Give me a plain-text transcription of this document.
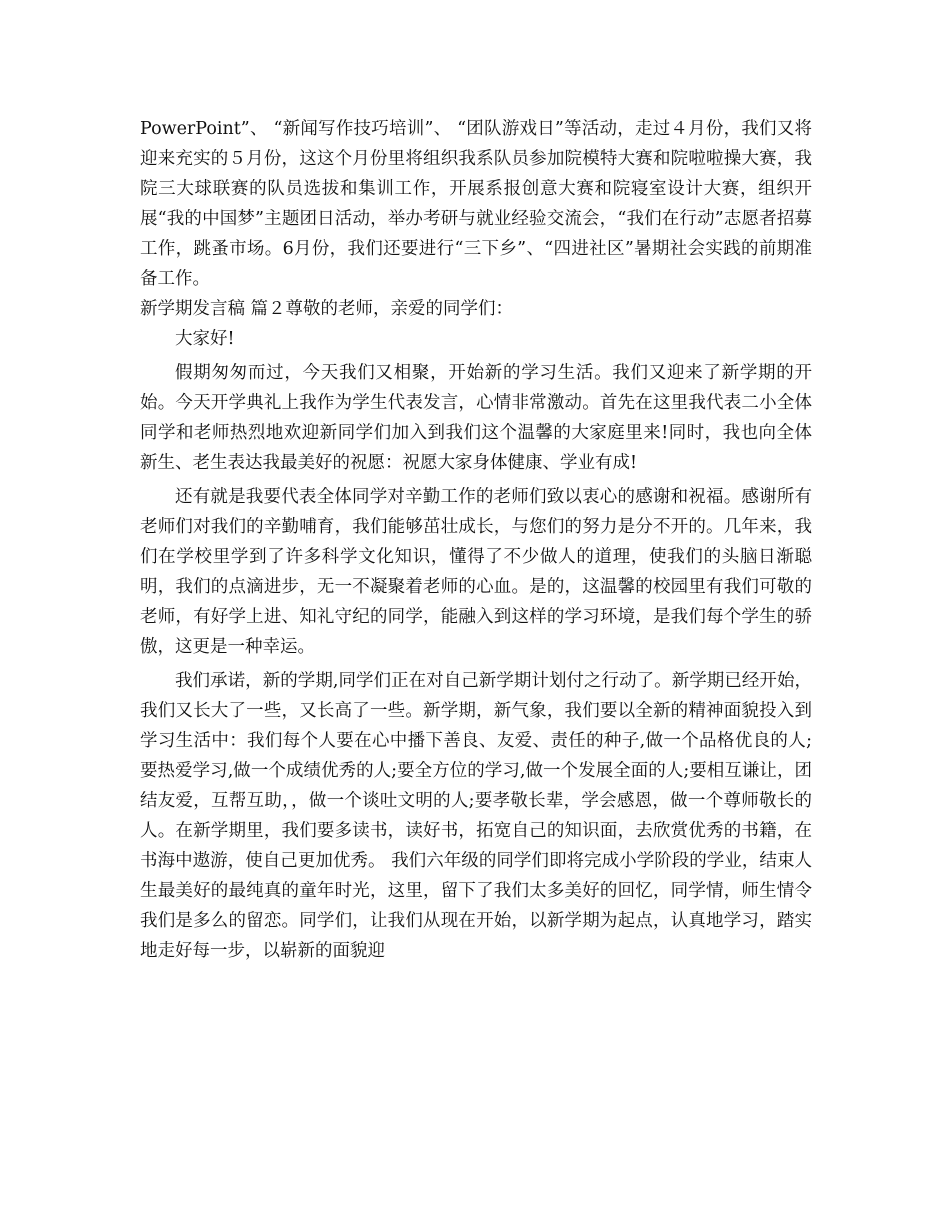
PowerPoint”、 “新闻写作技巧培训”、 “团队游戏日”等活动，走过４月份，我们又将迎来充实的５月份，这这个月份里将组织我系队员参加院模特大赛和院啦啦操大赛，我院三大球联赛的队员选拔和集训工作，开展系报创意大赛和院寝室设计大赛，组织开展“我的中国梦”主题团日活动，举办考研与就业经验交流会，“我们在行动”志愿者招募工作，跳蚤市场。6月份，我们还要进行“三下乡”、“四进社区”暑期社会实践的前期准备工作。

新学期发言稿 篇２尊敬的老师，亲爱的同学们：

大家好!

假期匆匆而过，今天我们又相聚，开始新的学习生活。我们又迎来了新学期的开始。今天开学典礼上我作为学生代表发言，心情非常激动。首先在这里我代表二小全体同学和老师热烈地欢迎新同学们加入到我们这个温馨的大家庭里来!同时，我也向全体新生、老生表达我最美好的祝愿：祝愿大家身体健康、学业有成!

还有就是我要代表全体同学对辛勤工作的老师们致以衷心的感谢和祝福。感谢所有老师们对我们的辛勤哺育，我们能够茁壮成长，与您们的努力是分不开的。几年来，我们在学校里学到了许多科学文化知识，懂得了不少做人的道理，使我们的头脑日渐聪明，我们的点滴进步，无一不凝聚着老师的心血。是的，这温馨的校园里有我们可敬的老师，有好学上进、知礼守纪的同学，能融入到这样的学习环境，是我们每个学生的骄傲，这更是一种幸运。

我们承诺，新的学期,同学们正在对自己新学期计划付之行动了。新学期已经开始，我们又长大了一些，又长高了一些。新学期，新气象，我们要以全新的精神面貌投入到学习生活中：我们每个人要在心中播下善良、友爱、责任的种子,做一个品格优良的人;要热爱学习,做一个成绩优秀的人;要全方位的学习,做一个发展全面的人;要相互谦让，团结友爱，互帮互助，，做一个谈吐文明的人;要孝敬长辈，学会感恩，做一个尊师敬长的人。在新学期里，我们要多读书，读好书，拓宽自己的知识面，去欣赏优秀的书籍，在书海中遨游，使自己更加优秀。 我们六年级的同学们即将完成小学阶段的学业，结束人生最美好的最纯真的童年时光，这里，留下了我们太多美好的回忆，同学情，师生情令我们是多么的留恋。同学们，让我们从现在开始，以新学期为起点，认真地学习，踏实地走好每一步，以崭新的面貌迎
